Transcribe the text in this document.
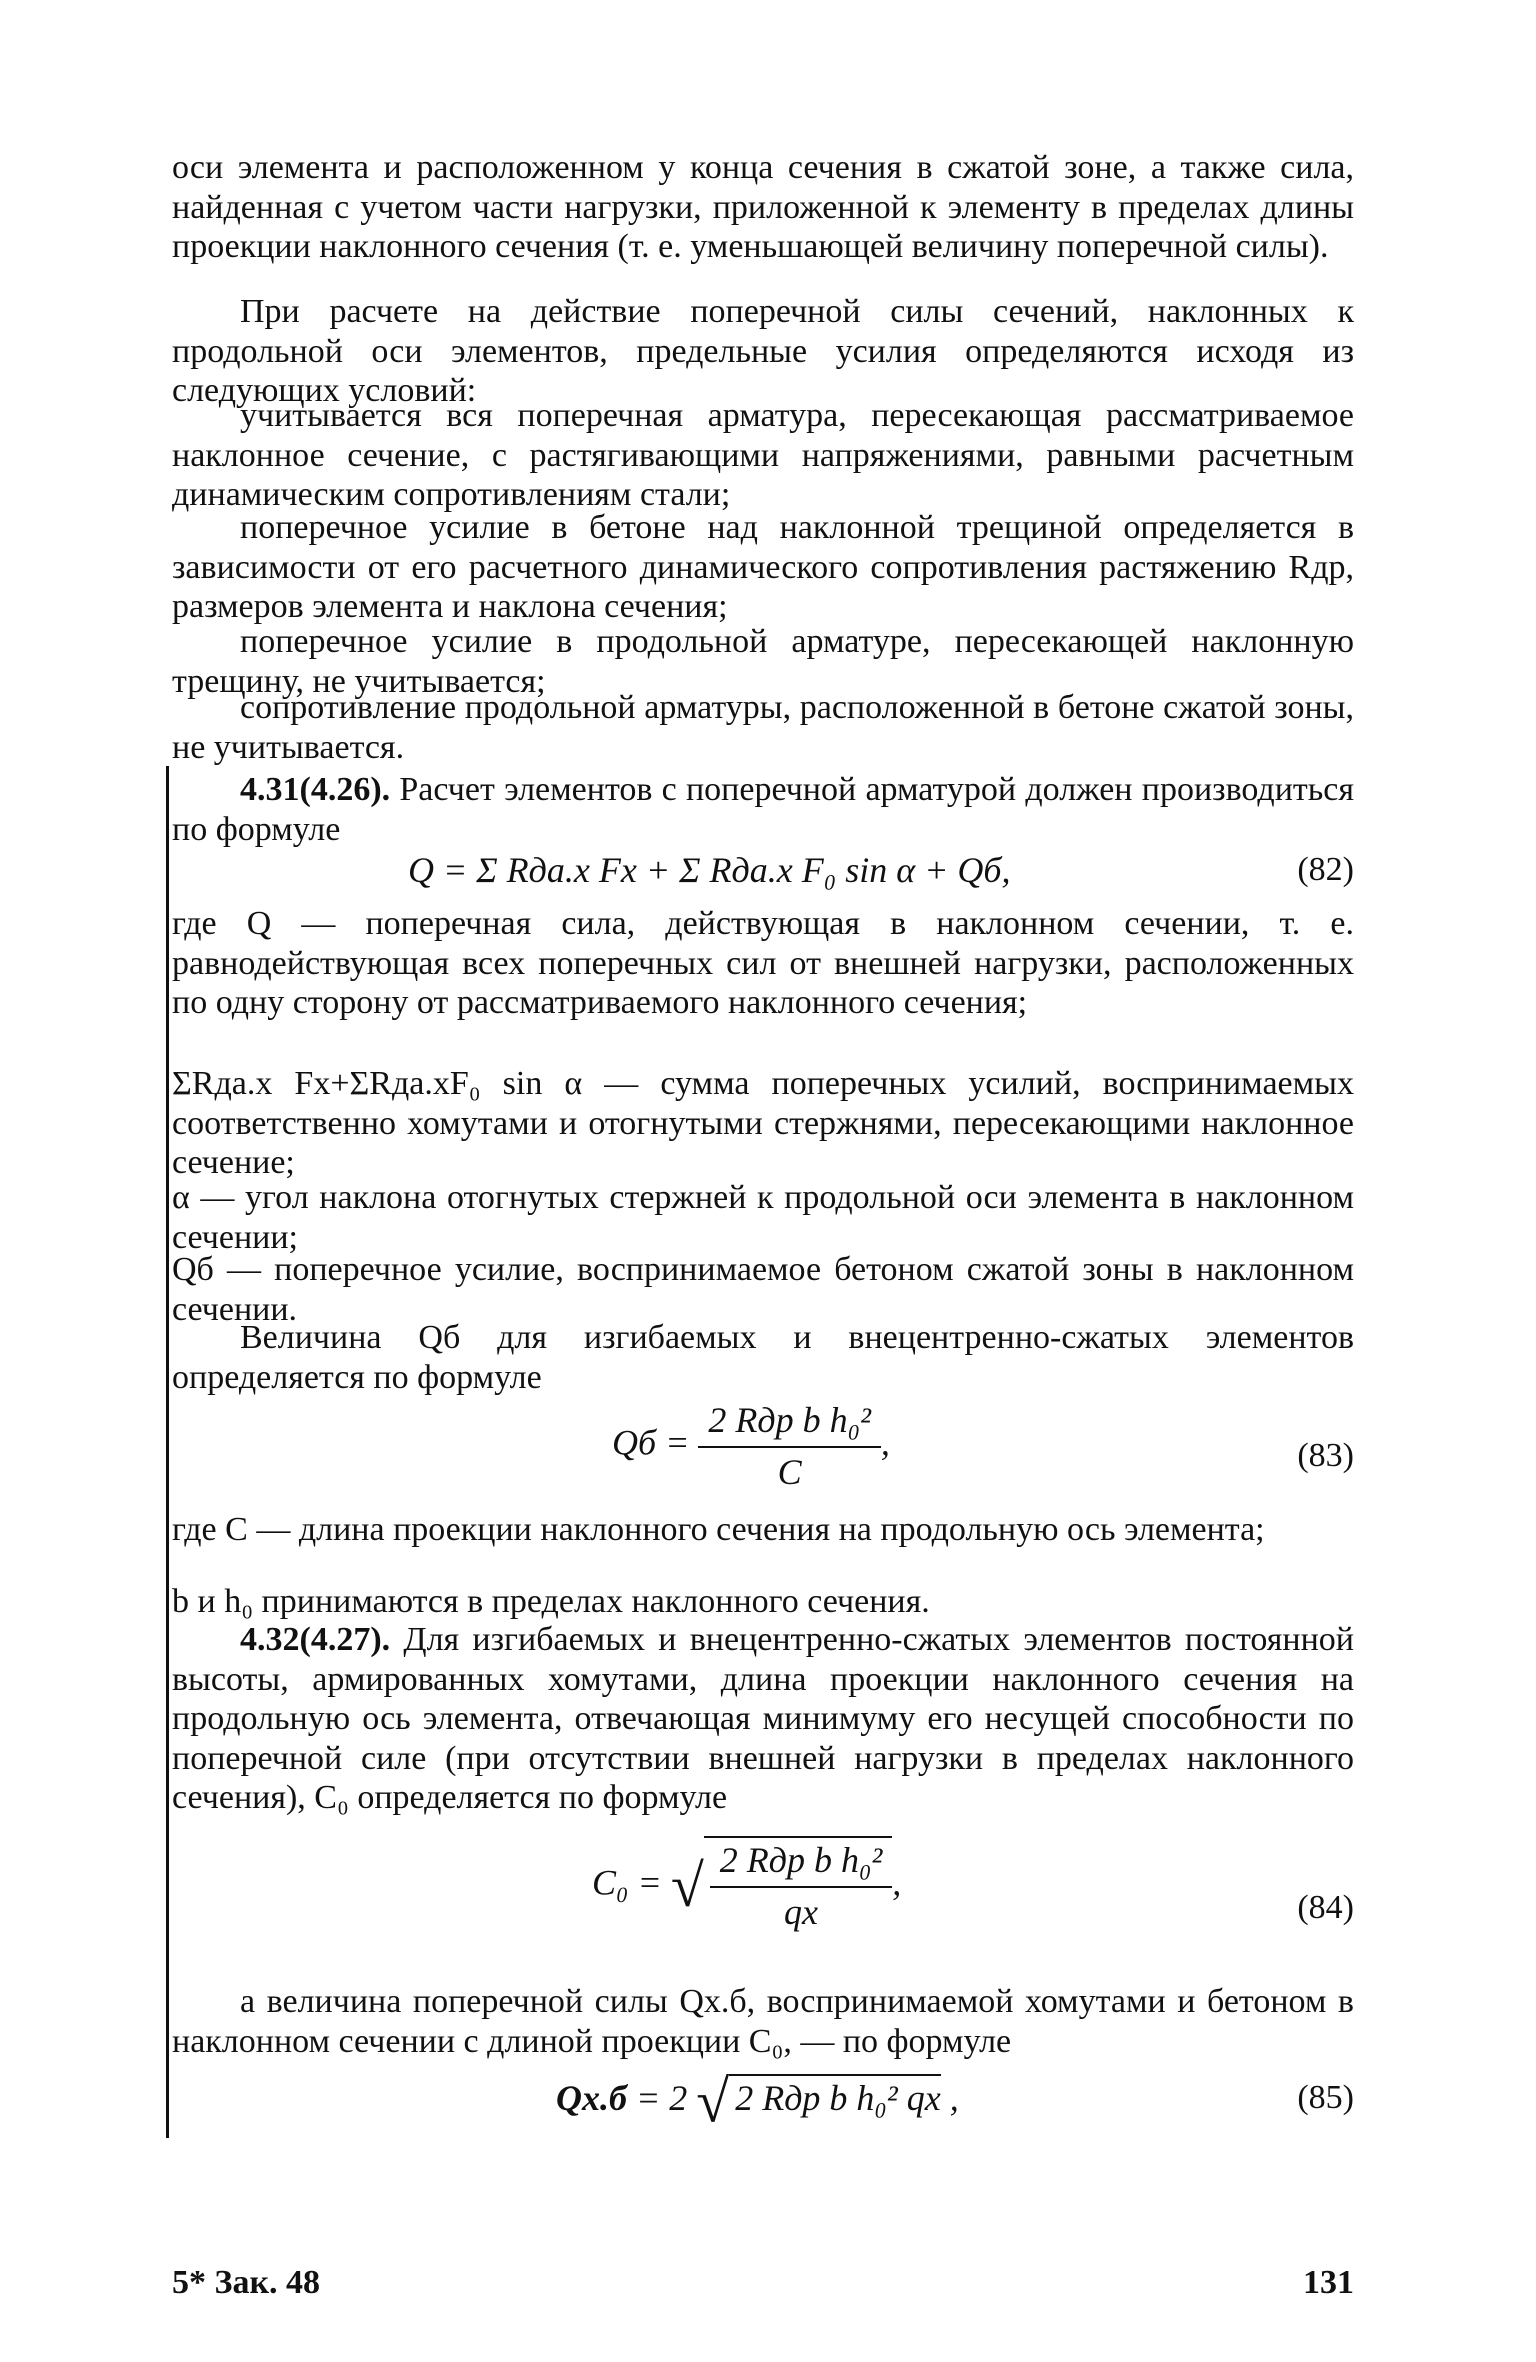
оси элемента и расположенном у конца сечения в сжатой зоне, а также сила, найденная с учетом части нагрузки, приложенной к элементу в пределах длины проекции наклонного сечения (т. е. уменьшающей величину поперечной силы).
При расчете на действие поперечной силы сечений, наклонных к продольной оси элементов, предельные усилия определяются исходя из следующих условий:
учитывается вся поперечная арматура, пересекающая рассматриваемое наклонное сечение, с растягивающими напряжениями, равными расчетным динамическим сопротивлениям стали;
поперечное усилие в бетоне над наклонной трещиной определяется в зависимости от его расчетного динамического сопротивления растяжению Rдр, размеров элемента и наклона сечения;
поперечное усилие в продольной арматуре, пересекающей наклонную трещину, не учитывается;
сопротивление продольной арматуры, расположенной в бетоне сжатой зоны, не учитывается.
4.31(4.26). Расчет элементов с поперечной арматурой должен производиться по формуле
Q = Σ Rда.х Fх + Σ Rда.х F₀ sin α + Qб,	(82)
где Q — поперечная сила, действующая в наклонном сечении, т. е. равнодействующая всех поперечных сил от внешней нагрузки, расположенных по одну сторону от рассматриваемого наклонного сечения;
ΣRда.х Fх+ΣRда.хF₀ sin α — сумма поперечных усилий, воспринимаемых соответственно хомутами и отогнутыми стержнями, пересекающими наклонное сечение;
α — угол наклона отогнутых стержней к продольной оси элемента в наклонном сечении;
Qб — поперечное усилие, воспринимаемое бетоном сжатой зоны в наклонном сечении.
Величина Qб для изгибаемых и внецентренно-сжатых элементов определяется по формуле
Qб = $\frac{\text{2 Rдр b h₀²}}{C}$ ,	(83)
где C — длина проекции наклонного сечения на продольную ось элемента;
b и h₀ принимаются в пределах наклонного сечения.
4.32(4.27). Для изгибаемых и внецентренно-сжатых элементов постоянной высоты, армированных хомутами, длина проекции наклонного сечения на продольную ось элемента, отвечающая минимуму его несущей способности по поперечной силе (при отсутствии внешней нагрузки в пределах наклонного сечения), C₀ определяется по формуле
C₀ = √ $\frac{\text{2 Rдр b h₀²}}{qх}$ ,
(84)
а величина поперечной силы Qх.б, воспринимаемой хомутами и бетоном в наклонном сечении с длиной проекции C₀, — по формуле
Qх.б = 2 √ 2 Rдр b h₀² qх ,	(85)
5* Зак. 48	131
